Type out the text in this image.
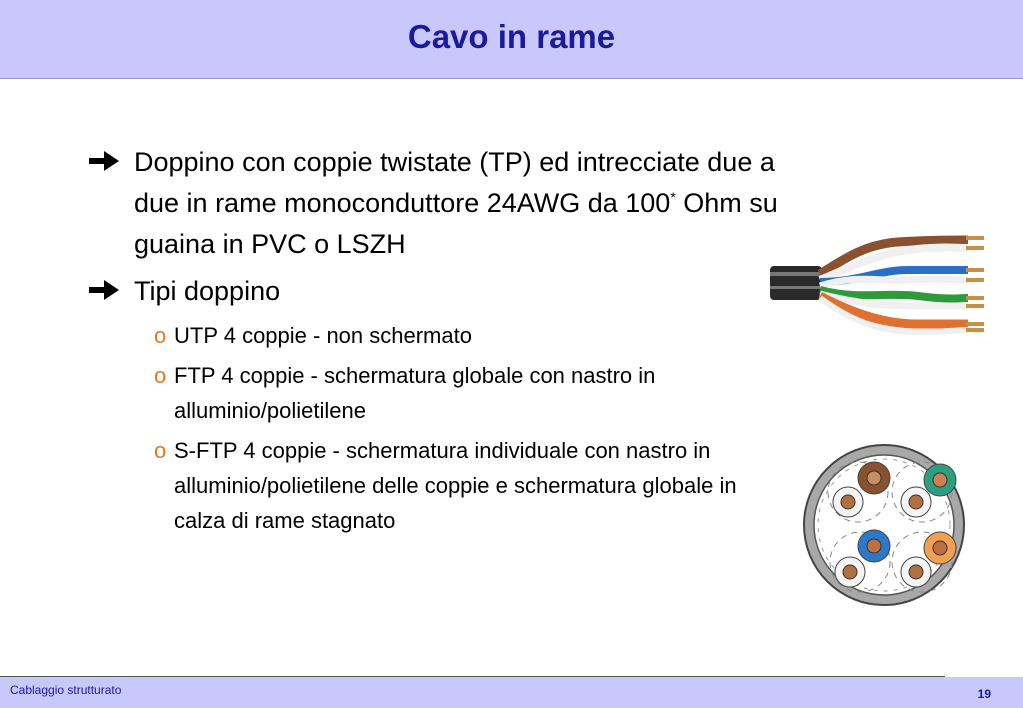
Cavo in rame
Doppino con coppie twistate (TP) ed intrecciate due a due in rame monoconduttore 24AWG da 100* Ohm su guaina in PVC o LSZH
Tipi doppino
o UTP 4 coppie - non schermato
o FTP 4 coppie - schermatura globale con nastro in alluminio/polietilene
o S-FTP 4 coppie - schermatura individuale con nastro in alluminio/polietilene delle coppie e schermatura globale in calza di rame stagnato
Cablaggio strutturato	19
